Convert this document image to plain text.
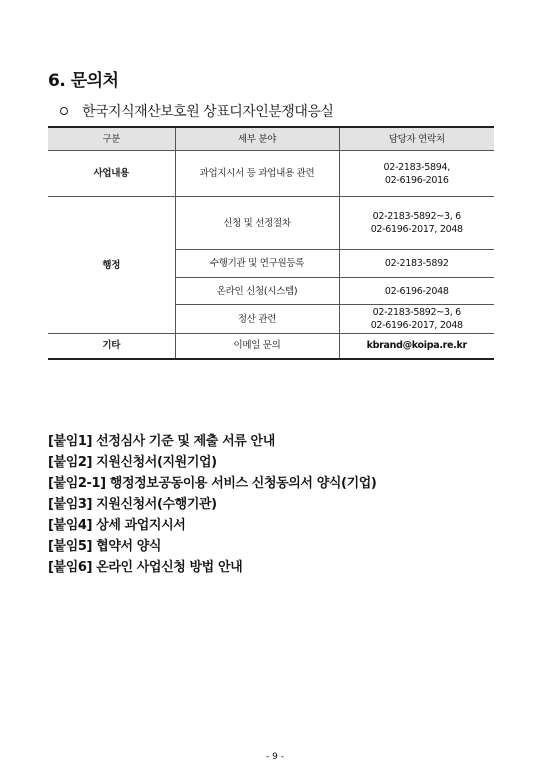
6. 문의처
한국지식재산보호원 상표디자인분쟁대응실
구분	세부 분야	담당자 연락처
사업내용	과업지시서 등 과업내용 관련	02-2183-5894,
02-6196-2016

행정	신청 및 선정절차	02-2183-5892~3, 6
02-6196-2017, 2048

	수행기관 및 연구원등록	02-2183-5892
	온라인 신청(시스템)	02-6196-2048
	정산 관련	02-2183-5892~3, 6
02-6196-2017, 2048

기타	이메일 문의	kbrand@koipa.re.kr
[붙임1] 선정심사 기준 및 제출 서류 안내
[붙임2] 지원신청서(지원기업)
[붙임2-1] 행정정보공동이용 서비스 신청동의서 양식(기업)
[붙임3] 지원신청서(수행기관)
[붙임4] 상세 과업지시서
[붙임5] 협약서 양식
[붙임6] 온라인 사업신청 방법 안내
- 9 -
